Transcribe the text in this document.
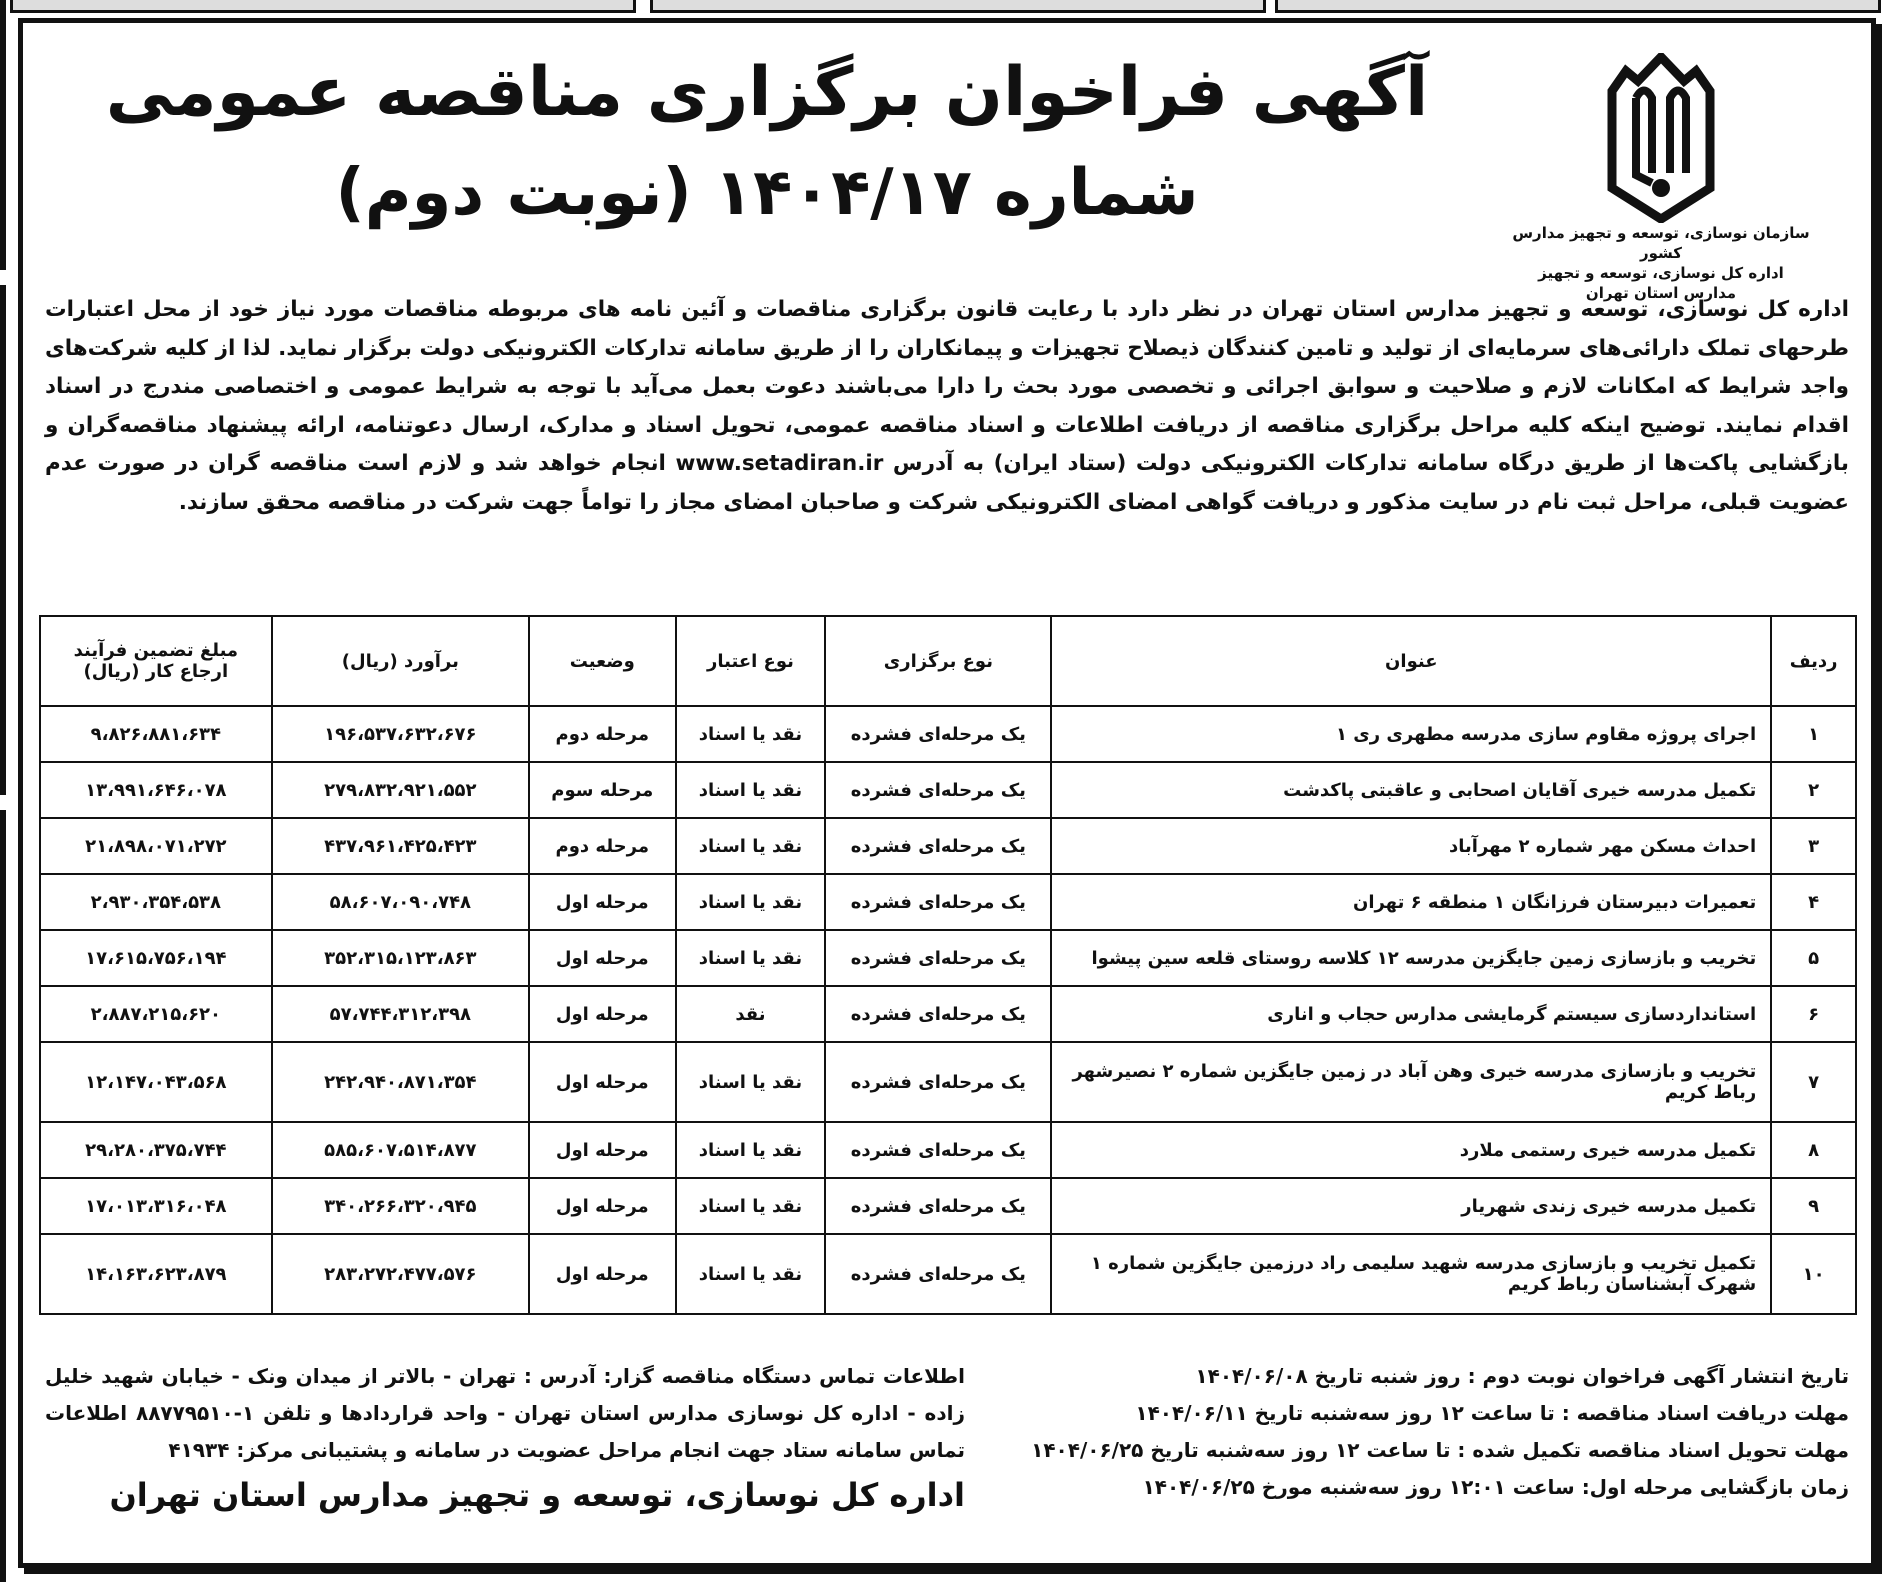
سازمان نوسازی، توسعه و تجهیز مدارس کشور
اداره کل نوسازی، توسعه و تجهیز مدارس استان تهران
آگهی فراخوان برگزاری مناقصه عمومی
شماره ۱۴۰۴/۱۷ (نوبت دوم)
اداره کل نوسازی، توسعه و تجهیز مدارس استان تهران در نظر دارد با رعایت قانون برگزاری مناقصات و آئین نامه های مربوطه مناقصات مورد نیاز خود از محل اعتبارات طرحهای تملک دارائی‌های سرمایه‌ای از تولید و تامین کنندگان ذیصلاح تجهیزات و پیمانکاران را از طریق سامانه تدارکات الکترونیکی دولت برگزار نماید. لذا از کلیه شرکت‌های واجد شرایط که امکانات لازم و صلاحیت و سوابق اجرائی و تخصصی مورد بحث را دارا می‌باشند دعوت بعمل می‌آید با توجه به شرایط عمومی و اختصاصی مندرج در اسناد اقدام نمایند. توضیح اینکه کلیه مراحل برگزاری مناقصه از دریافت اطلاعات و اسناد مناقصه عمومی، تحویل اسناد و مدارک، ارسال دعوتنامه، ارائه پیشنهاد مناقصه‌گران و بازگشایی پاکت‌ها از طریق درگاه سامانه تدارکات الکترونیکی دولت (ستاد ایران) به آدرس www.setadiran.ir انجام خواهد شد و لازم است مناقصه گران در صورت عدم عضویت قبلی، مراحل ثبت نام در سایت مذکور و دریافت گواهی امضای الکترونیکی شرکت و صاحبان امضای مجاز را تواماً جهت شرکت در مناقصه محقق سازند.
ردیف	عنوان	نوع برگزاری	نوع اعتبار	وضعیت	برآورد (ریال)	مبلغ تضمین فرآیند ارجاع کار (ریال)
۱	اجرای پروژه مقاوم سازی مدرسه مطهری ری ۱	یک مرحله‌ای فشرده	نقد یا اسناد	مرحله دوم	۱۹۶،۵۳۷،۶۳۲،۶۷۶	۹،۸۲۶،۸۸۱،۶۳۴
۲	تکمیل مدرسه خیری آقایان اصحابی و عاقبتی پاکدشت	یک مرحله‌ای فشرده	نقد یا اسناد	مرحله سوم	۲۷۹،۸۳۲،۹۲۱،۵۵۲	۱۳،۹۹۱،۶۴۶،۰۷۸
۳	احداث مسکن مهر شماره ۲ مهرآباد	یک مرحله‌ای فشرده	نقد یا اسناد	مرحله دوم	۴۳۷،۹۶۱،۴۲۵،۴۲۳	۲۱،۸۹۸،۰۷۱،۲۷۲
۴	تعمیرات دبیرستان فرزانگان ۱ منطقه ۶ تهران	یک مرحله‌ای فشرده	نقد یا اسناد	مرحله اول	۵۸،۶۰۷،۰۹۰،۷۴۸	۲،۹۳۰،۳۵۴،۵۳۸
۵	تخریب و بازسازی زمین جایگزین مدرسه ۱۲ کلاسه روستای قلعه سین پیشوا	یک مرحله‌ای فشرده	نقد یا اسناد	مرحله اول	۳۵۲،۳۱۵،۱۲۳،۸۶۳	۱۷،۶۱۵،۷۵۶،۱۹۴
۶	استانداردسازی سیستم گرمایشی مدارس حجاب و اناری	یک مرحله‌ای فشرده	نقد	مرحله اول	۵۷،۷۴۴،۳۱۲،۳۹۸	۲،۸۸۷،۲۱۵،۶۲۰
۷	تخریب و بازسازی مدرسه خیری وهن آباد در زمین جایگزین شماره ۲ نصیرشهر رباط کریم	یک مرحله‌ای فشرده	نقد یا اسناد	مرحله اول	۲۴۲،۹۴۰،۸۷۱،۳۵۴	۱۲،۱۴۷،۰۴۳،۵۶۸
۸	تکمیل مدرسه خیری رستمی ملارد	یک مرحله‌ای فشرده	نقد یا اسناد	مرحله اول	۵۸۵،۶۰۷،۵۱۴،۸۷۷	۲۹،۲۸۰،۳۷۵،۷۴۴
۹	تکمیل مدرسه خیری زندی شهریار	یک مرحله‌ای فشرده	نقد یا اسناد	مرحله اول	۳۴۰،۲۶۶،۳۲۰،۹۴۵	۱۷،۰۱۳،۳۱۶،۰۴۸
۱۰	تکمیل تخریب و بازسازی مدرسه شهید سلیمی راد درزمین جایگزین شماره ۱ شهرک آبشناسان رباط کریم	یک مرحله‌ای فشرده	نقد یا اسناد	مرحله اول	۲۸۳،۲۷۲،۴۷۷،۵۷۶	۱۴،۱۶۳،۶۲۳،۸۷۹
تاریخ انتشار آگهی فراخوان نوبت دوم : روز شنبه تاریخ ۱۴۰۴/۰۶/۰۸
مهلت دریافت اسناد مناقصه : تا ساعت ۱۲ روز سه‌شنبه تاریخ ۱۴۰۴/۰۶/۱۱
مهلت تحویل اسناد مناقصه تکمیل شده : تا ساعت ۱۲ روز سه‌شنبه تاریخ ۱۴۰۴/۰۶/۲۵
زمان بازگشایی مرحله اول: ساعت ۱۲:۰۱ روز سه‌شنبه مورخ ۱۴۰۴/۰۶/۲۵
اطلاعات تماس دستگاه مناقصه گزار: آدرس : تهران - بالاتر از میدان ونک - خیابان شهید خلیل زاده - اداره کل نوسازی مدارس استان تهران - واحد قراردادها و تلفن ۱-۸۸۷۷۹۵۱۰ اطلاعات تماس سامانه ستاد جهت انجام مراحل عضویت در سامانه و پشتیبانی مرکز: ۴۱۹۳۴
اداره کل نوسازی، توسعه و تجهیز مدارس استان تهران
